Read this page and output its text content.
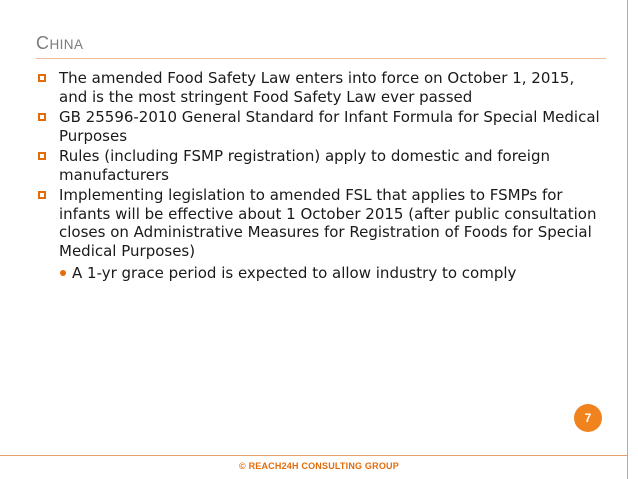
CHINA
The amended Food Safety Law enters into force on October 1, 2015, and is the most stringent Food Safety Law ever passed
GB 25596-2010 General Standard for Infant Formula for Special Medical Purposes
Rules (including FSMP registration) apply to domestic and foreign manufacturers
Implementing legislation to amended FSL that applies to FSMPs for infants will be effective about 1 October 2015 (after public consultation closes on Administrative Measures for Registration of Foods for Special Medical Purposes)
A 1-yr grace period is expected to allow industry to comply
7
© REACH24H CONSULTING GROUP
